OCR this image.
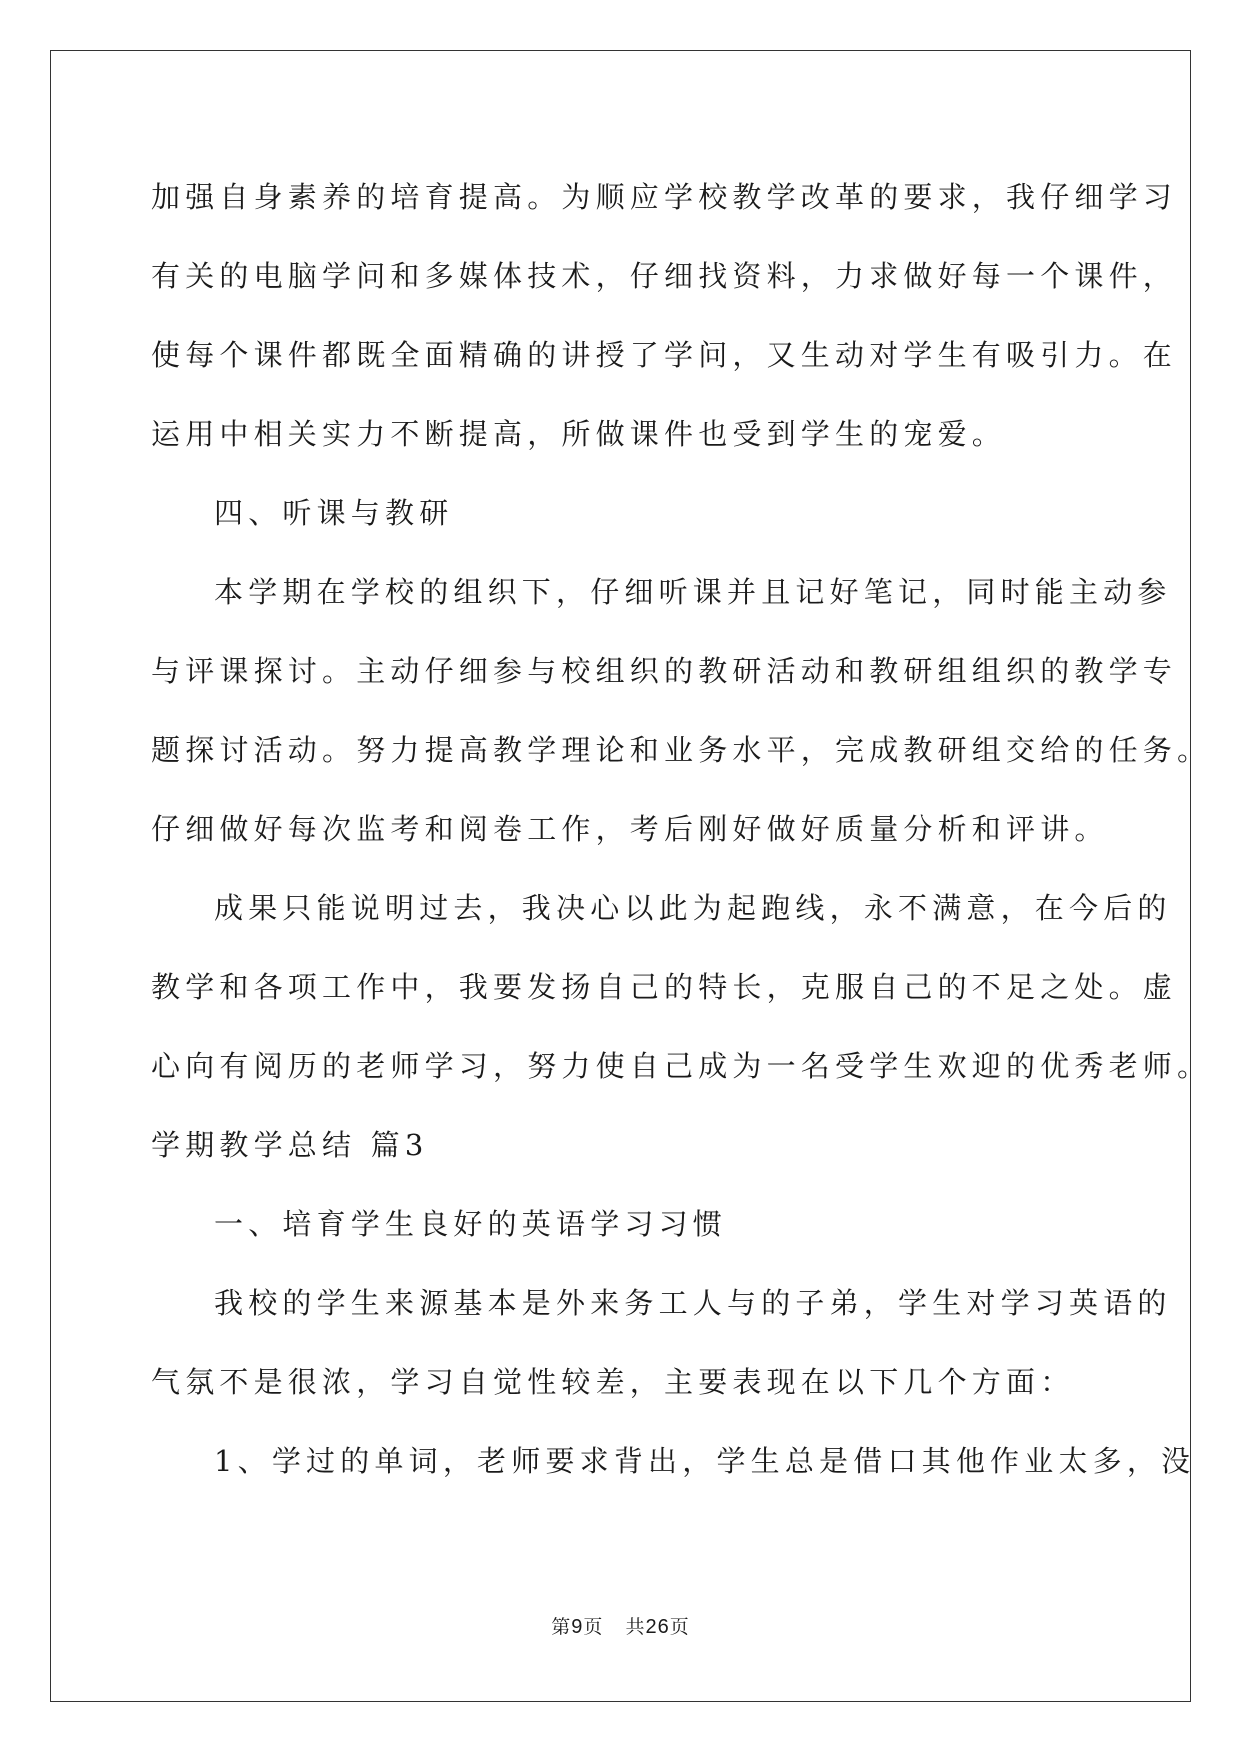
加强自身素养的培育提高。为顺应学校教学改革的要求，我仔细学习
有关的电脑学问和多媒体技术，仔细找资料，力求做好每一个课件，
使每个课件都既全面精确的讲授了学问，又生动对学生有吸引力。在
运用中相关实力不断提高，所做课件也受到学生的宠爱。
四、听课与教研
本学期在学校的组织下，仔细听课并且记好笔记，同时能主动参
与评课探讨。主动仔细参与校组织的教研活动和教研组组织的教学专
题探讨活动。努力提高教学理论和业务水平，完成教研组交给的任务。
仔细做好每次监考和阅卷工作，考后刚好做好质量分析和评讲。
成果只能说明过去，我决心以此为起跑线，永不满意，在今后的
教学和各项工作中，我要发扬自己的特长，克服自己的不足之处。虚
心向有阅历的老师学习，努力使自己成为一名受学生欢迎的优秀老师。
学期教学总结 篇3
一、培育学生良好的英语学习习惯
我校的学生来源基本是外来务工人与的子弟，学生对学习英语的
气氛不是很浓，学习自觉性较差，主要表现在以下几个方面：
1、学过的单词，老师要求背出，学生总是借口其他作业太多，没
第9页 共26页
